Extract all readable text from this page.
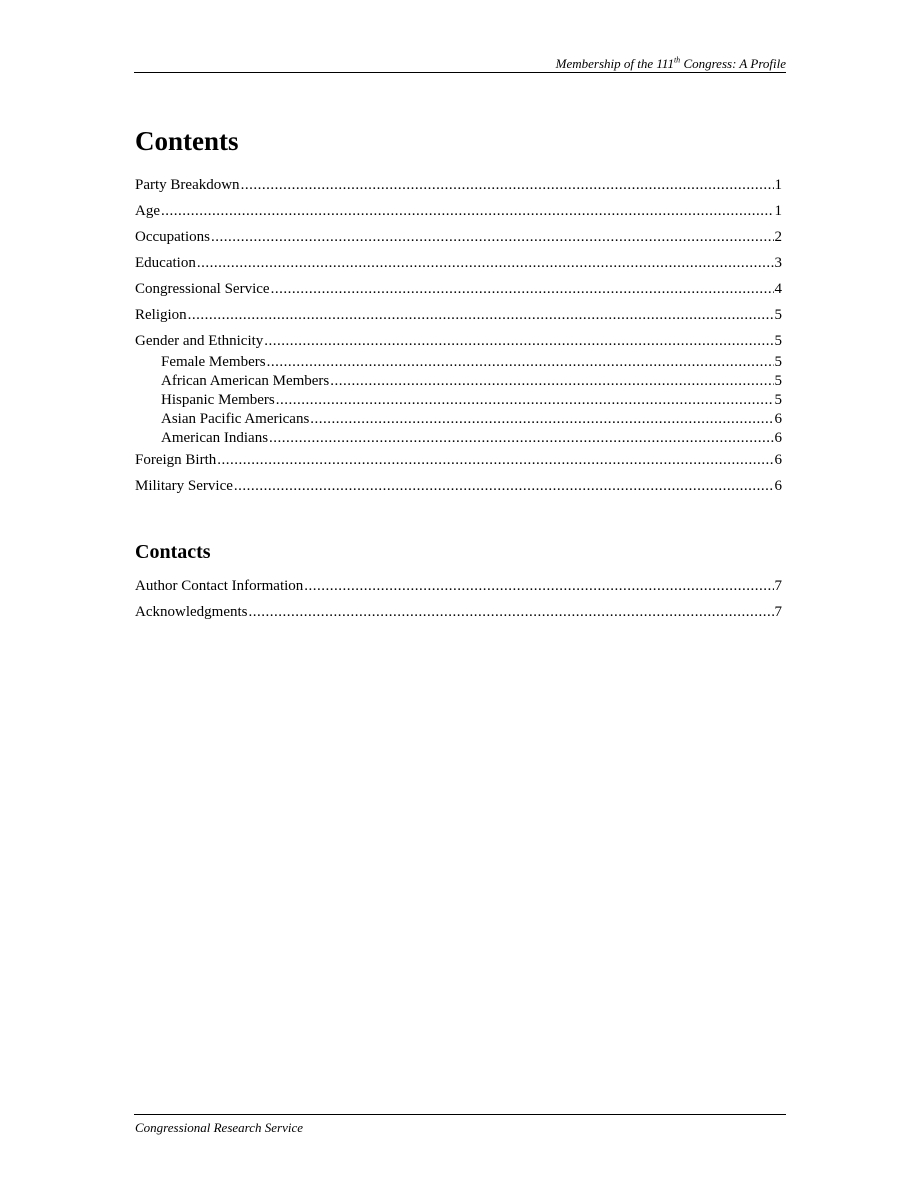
Membership of the 111th Congress: A Profile
Contents
Party Breakdown .....	1
Age .....	1
Occupations .....	2
Education .....	3
Congressional Service .....	4
Religion .....	5
Gender and Ethnicity .....	5
Female Members .....	5
African American Members .....	5
Hispanic Members .....	5
Asian Pacific Americans .....	6
American Indians .....	6
Foreign Birth .....	6
Military Service .....	6
Contacts
Author Contact Information .....	7
Acknowledgments .....	7
Congressional Research Service
